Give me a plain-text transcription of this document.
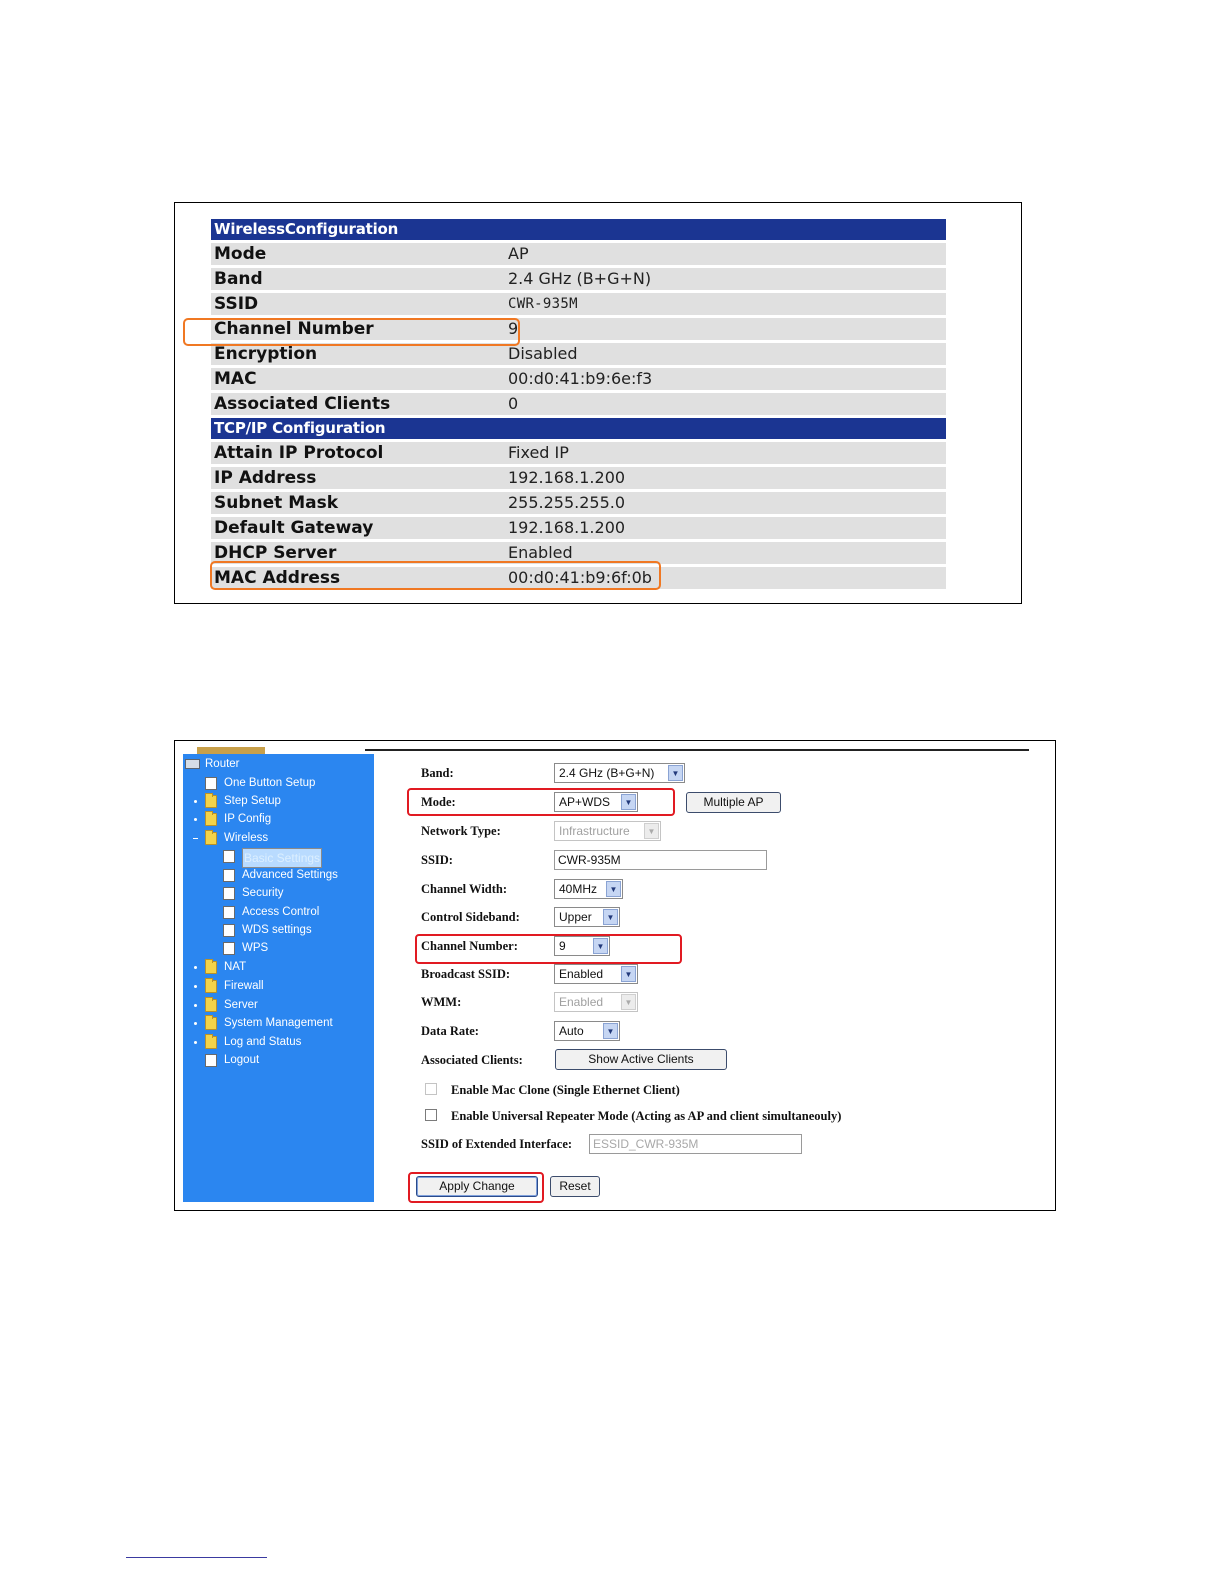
WirelessConfiguration
Mode	AP
Band	2.4 GHz (B+G+N)
SSID	CWR-935M
Channel Number	9
Encryption	Disabled
MAC	00:d0:41:b9:6e:f3
Associated Clients	0
TCP/IP Configuration
Attain IP Protocol	Fixed IP
IP Address	192.168.1.200
Subnet Mask	255.255.255.0
Default Gateway	192.168.1.200
DHCP Server	Enabled
MAC Address	00:d0:41:b9:6f:0b
Router
One Button Setup
Step Setup
IP Config
Wireless
Basic Settings
Advanced Settings
Security
Access Control
WDS settings
WPS
NAT
Firewall
Server
System Management
Log and Status
Logout
Band:	2.4 GHz (B+G+N)	▼
Mode:	AP+WDS	▼	Multiple AP
Network Type:	Infrastructure	▼
SSID:	CWR-935M
Channel Width:	40MHz	▼
Control Sideband:	Upper	▼
Channel Number:	9	▼
Broadcast SSID:	Enabled	▼
WMM:	Enabled	▼
Data Rate:	Auto	▼
Associated Clients:	Show Active Clients
Enable Mac Clone (Single Ethernet Client)
Enable Universal Repeater Mode (Acting as AP and client simultaneouly)
SSID of Extended Interface:	ESSID_CWR-935M
Apply Change	Reset
